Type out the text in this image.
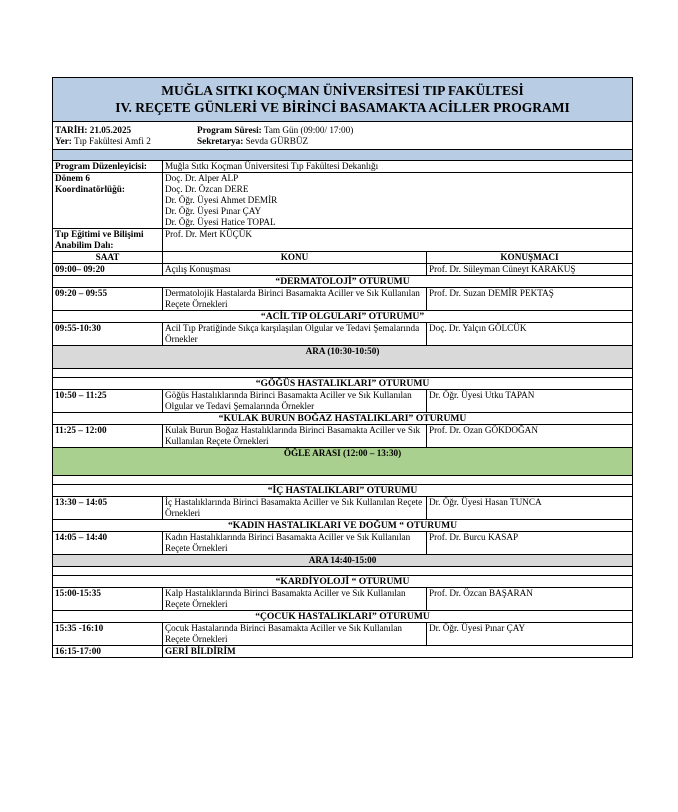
MUĞLA SITKI KOÇMAN ÜNİVERSİTESİ TIP FAKÜLTESİ
IV. REÇETE GÜNLERİ VE BİRİNCİ BASAMAKTA ACİLLER PROGRAMI		

TARİH: 21.05.2025 Program Süresi: Tam Gün (09:00/ 17:00)
Yer: Tıp Fakültesi Amfi 2 Sekretarya: Sevda GÜRBÜZ		

Program Düzenleyicisi:	Muğla Sıtkı Koçman Üniversitesi Tıp Fakültesi Dekanlığı	
Dönem 6 Koordinatörlüğü:	Doç. Dr. Alper ALP
Doç. Dr. Özcan DERE
Dr. Öğr. Üyesi Ahmet DEMİR
Dr. Öğr. Üyesi Pınar ÇAY
Dr. Öğr. Üyesi Hatice TOPAL	

Tıp Eğitimi ve Bilişimi Anabilim Dalı:	Prof. Dr. Mert KÜÇÜK	
SAAT	KONU	KONUŞMACI
09:00– 09:20	Açılış Konuşması	Prof. Dr. Süleyman Cüneyt KARAKUŞ
“DERMATOLOJİ” OTURUMU		
09:20 – 09:55	Dermatolojik Hastalarda Birinci Basamakta Aciller ve Sık Kullanılan Reçete Örnekleri	Prof. Dr. Suzan DEMİR PEKTAŞ
“ACİL TIP OLGULARI” OTURUMU”		
09:55-10:30	Acil Tıp Pratiğinde Sıkça karşılaşılan Olgular ve Tedavi Şemalarında Örnekler	Doç. Dr. Yalçın GÖLCÜK
ARA (10:30-10:50)		

“GÖĞÜS HASTALIKLARI” OTURUMU		
10:50 – 11:25	Göğüs Hastalıklarında Birinci Basamakta Aciller ve Sık Kullanılan Olgular ve Tedavi Şemalarında Örnekler	Dr. Öğr. Üyesi Utku TAPAN
“KULAK BURUN BOĞAZ HASTALIKLARI” OTURUMU		
11:25 – 12:00	Kulak Burun Boğaz Hastalıklarında Birinci Basamakta Aciller ve Sık Kullanılan Reçete Örnekleri	Prof. Dr. Ozan GÖKDOĞAN
ÖĞLE ARASI (12:00 – 13:30)		

“İÇ HASTALIKLARI” OTURUMU		
13:30 – 14:05	İç Hastalıklarında Birinci Basamakta Aciller ve Sık Kullanılan Reçete Örnekleri	Dr. Öğr. Üyesi Hasan TUNCA
“KADIN HASTALIKLARI VE DOĞUM “ OTURUMU		
14:05 – 14:40	Kadın Hastalıklarında Birinci Basamakta Aciller ve Sık Kullanılan Reçete Örnekleri	Prof. Dr. Burcu KASAP
ARA 14:40-15:00		

“KARDİYOLOJİ “ OTURUMU		
15:00-15:35	Kalp Hastalıklarında Birinci Basamakta Aciller ve Sık Kullanılan Reçete Örnekleri	Prof. Dr. Özcan BAŞARAN
“ÇOCUK HASTALIKLARI” OTURUMU		
15:35 -16:10	Çocuk Hastalarında Birinci Basamakta Aciller ve Sık Kullanılan Reçete Örnekleri	Dr. Öğr. Üyesi Pınar ÇAY
16:15-17:00	GERİ BİLDİRİM	
